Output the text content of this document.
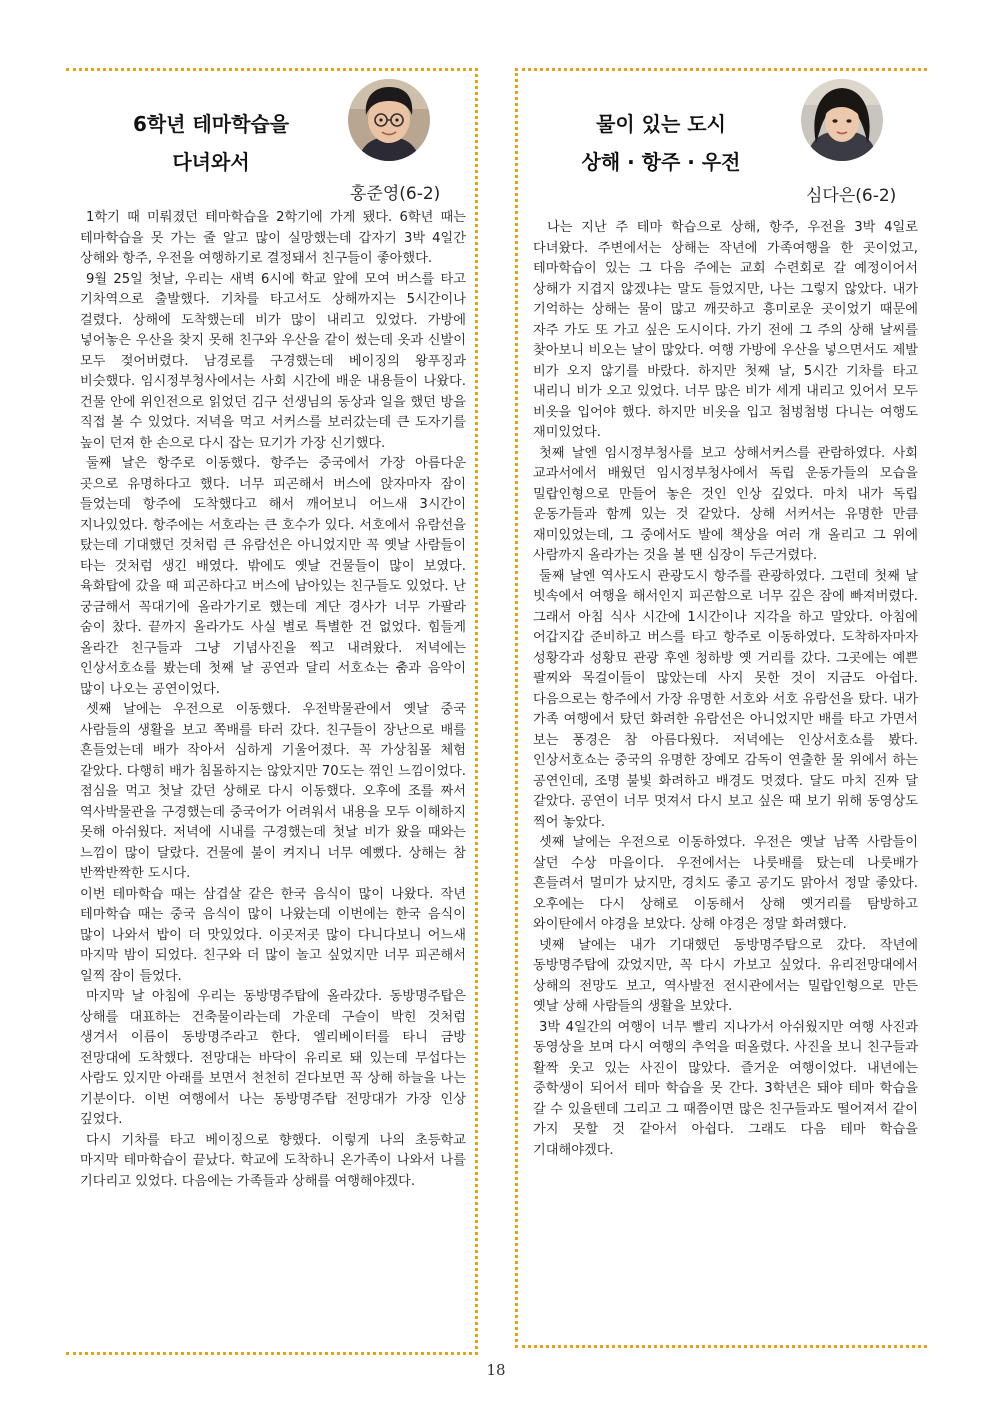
6학년 테마학습을
다녀와서
홍준영(6-2)

1학기 때 미뤄졌던 테마학습을 2학기에 가게 됐다. 6학년 때는 테마학습을 못 가는 줄 알고 많이 실망했는데 갑자기 3박 4일간 상해와 항주, 우전을 여행하기로 결정돼서 친구들이 좋아했다.

9월 25일 첫날, 우리는 새벽 6시에 학교 앞에 모여 버스를 타고 기차역으로 출발했다. 기차를 타고서도 상해까지는 5시간이나 걸렸다. 상해에 도착했는데 비가 많이 내리고 있었다. 가방에 넣어놓은 우산을 찾지 못해 친구와 우산을 같이 썼는데 옷과 신발이 모두 젖어버렸다. 남경로를 구경했는데 베이징의 왕푸징과 비슷했다. 임시정부청사에서는 사회 시간에 배운 내용들이 나왔다. 건물 안에 위인전으로 읽었던 김구 선생님의 동상과 일을 했던 방을 직접 볼 수 있었다. 저녁을 먹고 서커스를 보러갔는데 큰 도자기를 높이 던져 한 손으로 다시 잡는 묘기가 가장 신기했다.

둘째 날은 항주로 이동했다. 항주는 중국에서 가장 아름다운 곳으로 유명하다고 했다. 너무 피곤해서 버스에 앉자마자 잠이 들었는데 항주에 도착했다고 해서 깨어보니 어느새 3시간이 지나있었다. 항주에는 서호라는 큰 호수가 있다. 서호에서 유람선을 탔는데 기대했던 것처럼 큰 유람선은 아니었지만 꼭 옛날 사람들이 타는 것처럼 생긴 배였다. 밖에도 옛날 건물들이 많이 보였다. 육화탑에 갔을 때 피곤하다고 버스에 남아있는 친구들도 있었다. 난 궁금해서 꼭대기에 올라가기로 했는데 계단 경사가 너무 가팔라 숨이 찼다. 끝까지 올라가도 사실 별로 특별한 건 없었다. 힘들게 올라간 친구들과 그냥 기념사진을 찍고 내려왔다. 저녁에는 인상서호쇼를 봤는데 첫째 날 공연과 달리 서호쇼는 춤과 음악이 많이 나오는 공연이었다.

셋째 날에는 우전으로 이동했다. 우전박물관에서 옛날 중국 사람들의 생활을 보고 쪽배를 타러 갔다. 친구들이 장난으로 배를 흔들었는데 배가 작아서 심하게 기울어졌다. 꼭 가상침몰 체험 같았다. 다행히 배가 침몰하지는 않았지만 70도는 꺾인 느낌이었다. 점심을 먹고 첫날 갔던 상해로 다시 이동했다. 오후에 조를 짜서 역사박물관을 구경했는데 중국어가 어려워서 내용을 모두 이해하지 못해 아쉬웠다. 저녁에 시내를 구경했는데 첫날 비가 왔을 때와는 느낌이 많이 달랐다. 건물에 불이 켜지니 너무 예뻤다. 상해는 참 반짝반짝한 도시다.

이번 테마학습 때는 삼겹살 같은 한국 음식이 많이 나왔다. 작년 테마학습 때는 중국 음식이 많이 나왔는데 이번에는 한국 음식이 많이 나와서 밥이 더 맛있었다. 이곳저곳 많이 다니다보니 어느새 마지막 밤이 되었다. 친구와 더 많이 놀고 싶었지만 너무 피곤해서 일찍 잠이 들었다.

마지막 날 아침에 우리는 동방명주탑에 올라갔다. 동방명주탑은 상해를 대표하는 건축물이라는데 가운데 구슬이 박힌 것처럼 생겨서 이름이 동방명주라고 한다. 엘리베이터를 타니 금방 전망대에 도착했다. 전망대는 바닥이 유리로 돼 있는데 무섭다는 사람도 있지만 아래를 보면서 천천히 걷다보면 꼭 상해 하늘을 나는 기분이다. 이번 여행에서 나는 동방명주탑 전망대가 가장 인상 깊었다.

다시 기차를 타고 베이징으로 향했다. 이렇게 나의 초등학교 마지막 테마학습이 끝났다. 학교에 도착하니 온가족이 나와서 나를 기다리고 있었다. 다음에는 가족들과 상해를 여행해야겠다.

물이 있는 도시
상해 · 항주 · 우전
심다은(6-2)

나는 지난 주 테마 학습으로 상해, 항주, 우전을 3박 4일로 다녀왔다. 주변에서는 상해는 작년에 가족여행을 한 곳이었고, 테마학습이 있는 그 다음 주에는 교회 수련회로 갈 예정이어서 상해가 지겹지 않겠냐는 말도 들었지만, 나는 그렇지 않았다. 내가 기억하는 상해는 물이 많고 깨끗하고 흥미로운 곳이었기 때문에 자주 가도 또 가고 싶은 도시이다. 가기 전에 그 주의 상해 날씨를 찾아보니 비오는 날이 많았다. 여행 가방에 우산을 넣으면서도 제발 비가 오지 않기를 바랐다. 하지만 첫째 날, 5시간 기차를 타고 내리니 비가 오고 있었다. 너무 많은 비가 세게 내리고 있어서 모두 비옷을 입어야 했다. 하지만 비옷을 입고 첨벙첨벙 다니는 여행도 재미있었다.

첫째 날엔 임시정부청사를 보고 상해서커스를 관람하였다. 사회 교과서에서 배웠던 임시정부청사에서 독립 운동가들의 모습을 밀랍인형으로 만들어 놓은 것인 인상 깊었다. 마치 내가 독립 운동가들과 함께 있는 것 같았다. 상해 서커서는 유명한 만큼 재미있었는데, 그 중에서도 발에 책상을 여러 개 올리고 그 위에 사람까지 올라가는 것을 볼 땐 심장이 두근거렸다.

둘째 날엔 역사도시 관광도시 항주를 관광하였다. 그런데 첫째 날 빗속에서 여행을 해서인지 피곤함으로 너무 깊은 잠에 빠져버렸다. 그래서 아침 식사 시간에 1시간이나 지각을 하고 말았다. 아침에 어갑지갑 준비하고 버스를 타고 항주로 이동하였다. 도착하자마자 성황각과 성황묘 관광 후엔 청하방 옛 거리를 갔다. 그곳에는 예쁜 팔찌와 목걸이들이 많았는데 사지 못한 것이 지금도 아쉽다. 다음으로는 항주에서 가장 유명한 서호와 서호 유람선을 탔다. 내가 가족 여행에서 탔던 화려한 유람선은 아니었지만 배를 타고 가면서 보는 풍경은 참 아름다웠다. 저녁에는 인상서호쇼를 봤다. 인상서호쇼는 중국의 유명한 장예모 감독이 연출한 물 위에서 하는 공연인데, 조명 불빛 화려하고 배경도 멋졌다. 달도 마치 진짜 달 같았다. 공연이 너무 멋져서 다시 보고 싶은 때 보기 위해 동영상도 찍어 놓았다.

셋째 날에는 우전으로 이동하였다. 우전은 옛날 남쪽 사람들이 살던 수상 마을이다. 우전에서는 나룻배를 탔는데 나룻배가 흔들려서 멀미가 났지만, 경치도 좋고 공기도 맑아서 정말 좋았다. 오후에는 다시 상해로 이동해서 상해 옛거리를 탐방하고 와이탄에서 야경을 보았다. 상해 야경은 정말 화려했다.

넷째 날에는 내가 기대했던 동방명주탑으로 갔다. 작년에 동방명주탑에 갔었지만, 꼭 다시 가보고 싶었다. 유리전망대에서 상해의 전망도 보고, 역사발전 전시관에서는 밀랍인형으로 만든 옛날 상해 사람들의 생활을 보았다.

3박 4일간의 여행이 너무 빨리 지나가서 아쉬웠지만 여행 사진과 동영상을 보며 다시 여행의 추억을 떠올렸다. 사진을 보니 친구들과 활짝 웃고 있는 사진이 많았다. 즐거운 여행이었다. 내년에는 중학생이 되어서 테마 학습을 못 간다. 3학년은 돼야 테마 학습을 갈 수 있을텐데 그리고 그 때쯤이면 많은 친구들과도 떨어져서 같이 가지 못할 것 같아서 아쉽다. 그래도 다음 테마 학습을 기대해야겠다.

18
